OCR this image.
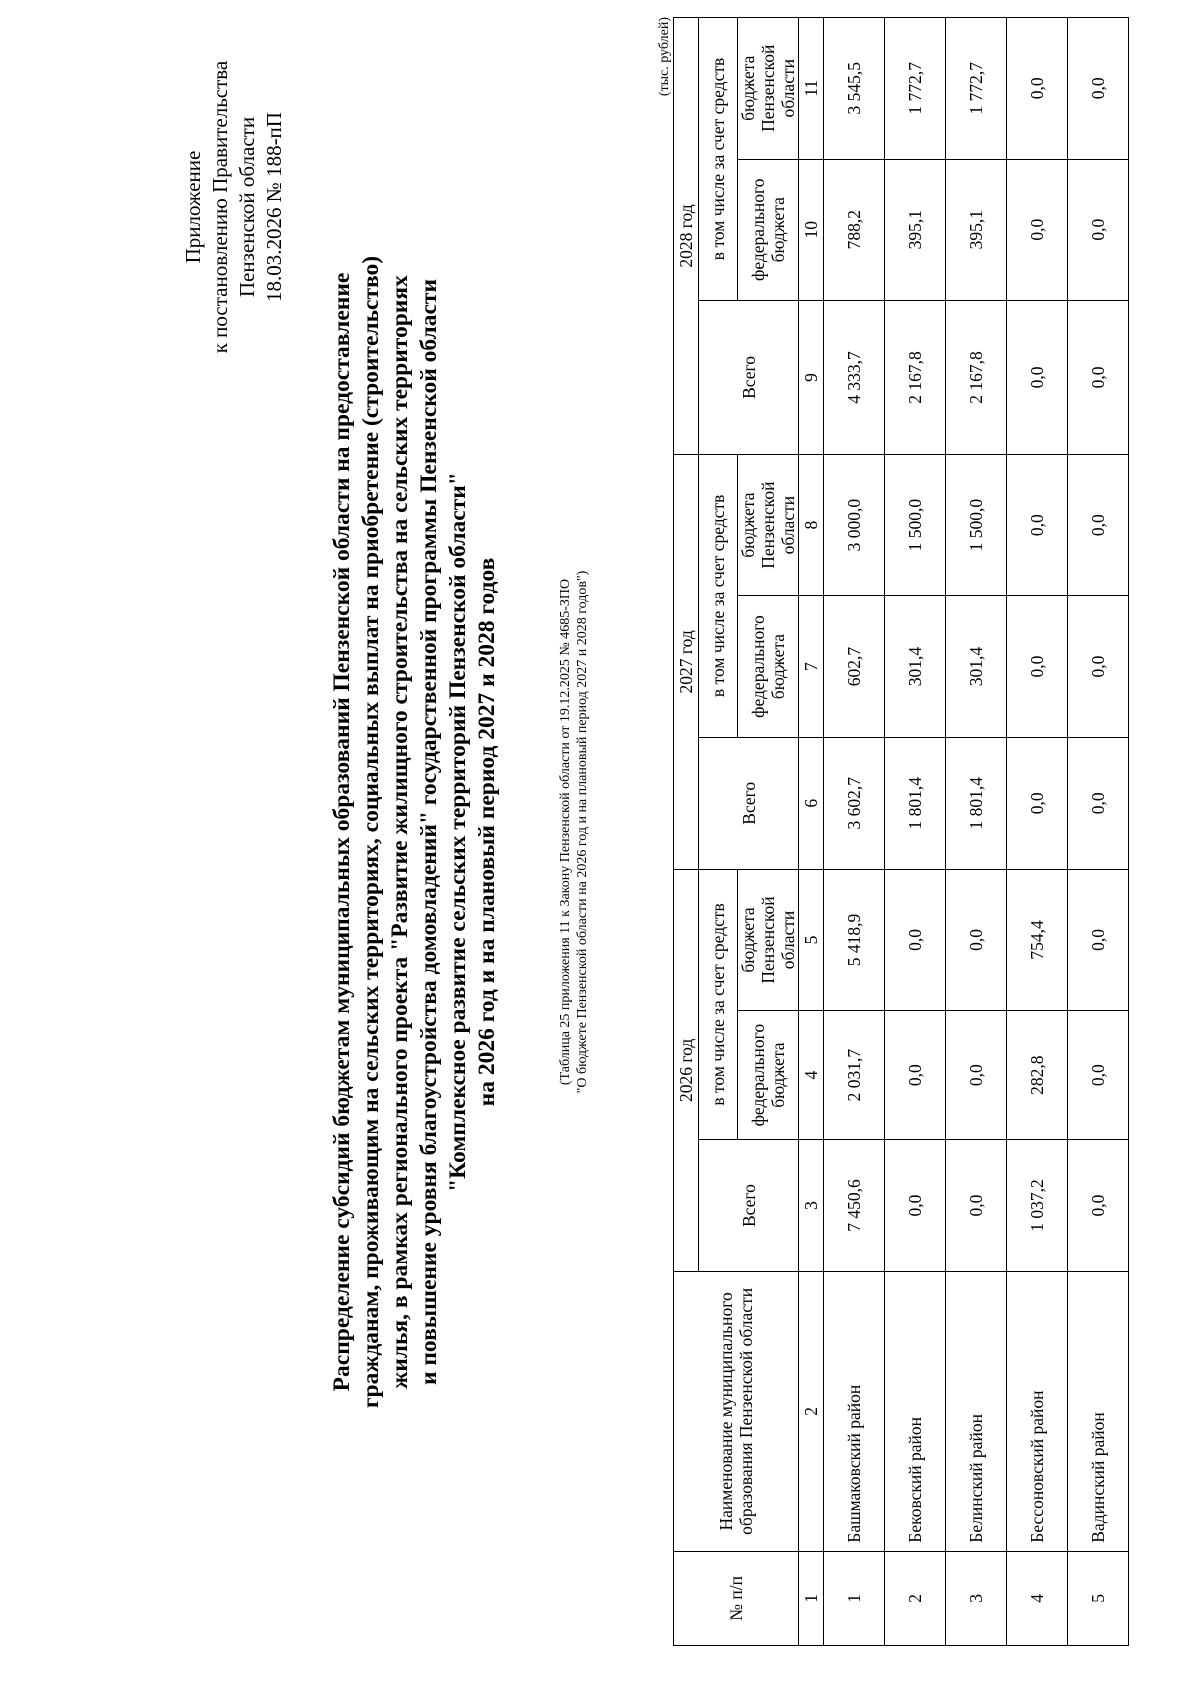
Приложение к постановлению Правительства Пензенской области 18.03.2026 № 188-пП
Распределение субсидий бюджетам муниципальных образований Пензенской области на предоставление гражданам, проживающим на сельских территориях, социальных выплат на приобретение (строительство) жилья, в рамках регионального проекта "Развитие жилищного строительства на сельских территориях и повышение уровня благоустройства домовладений" государственной программы Пензенской области "Комплексное развитие сельских территорий Пензенской области" на 2026 год и на плановый период 2027 и 2028 годов	(Таблица 25 приложения 11 к Закону Пензенской области от 19.12.2025 № 4685-ЗПО "О бюджете Пензенской области на 2026 год и на плановый период 2027 и 2028 годов")
(тыс. рублей)
№ п/п	Наименование муниципального образования Пензенской области	2026 год			2027 год			2028 год		
		Всего	в том числе за счет средств		Всего	в том числе за счет средств		Всего	в том числе за счет средств	
			федерального бюджета	бюджета Пензенской области		федерального бюджета	бюджета Пензенской области		федерального бюджета	бюджета Пензенской области
1	2	3	4	5	6	7	8	9	10	11
1	Башмаковский район	7 450,6	2 031,7	5 418,9	3 602,7	602,7	3 000,0	4 333,7	788,2	3 545,5
2	Бековский район	0,0	0,0	0,0	1 801,4	301,4	1 500,0	2 167,8	395,1	1 772,7
3	Белинский район	0,0	0,0	0,0	1 801,4	301,4	1 500,0	2 167,8	395,1	1 772,7
4	Бессоновский район	1 037,2	282,8	754,4	0,0	0,0	0,0	0,0	0,0	0,0
5	Вадинский район	0,0	0,0	0,0	0,0	0,0	0,0	0,0	0,0	0,0
